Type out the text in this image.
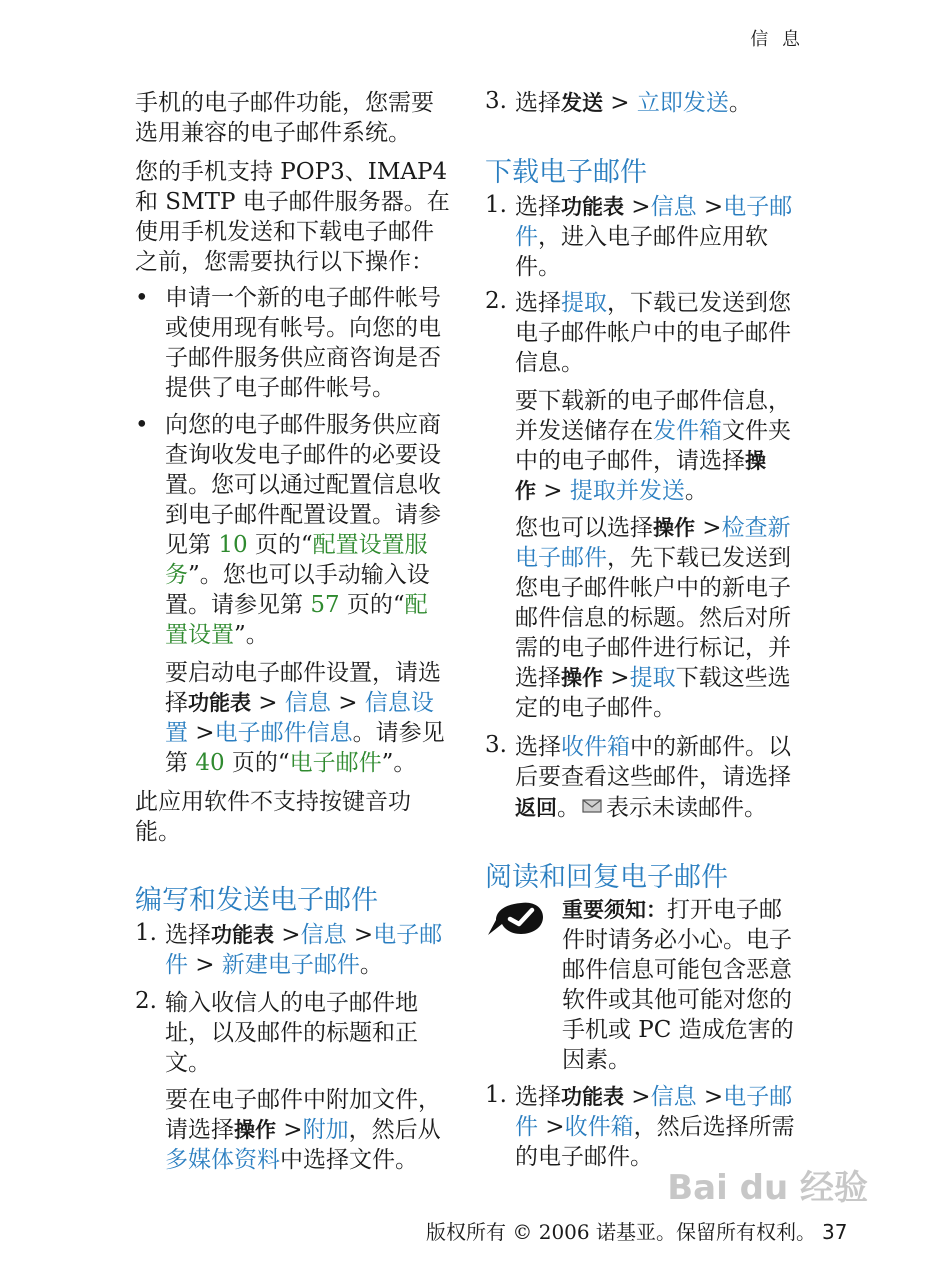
信 息
手机的电子邮件功能，您需要
选用兼容的电子邮件系统。
您的手机支持 POP3、IMAP4
和 SMTP 电子邮件服务器。在
使用手机发送和下载电子邮件
之前，您需要执行以下操作：
• 申请一个新的电子邮件帐号
或使用现有帐号。向您的电
子邮件服务供应商咨询是否
提供了电子邮件帐号。
• 向您的电子邮件服务供应商
查询收发电子邮件的必要设
置。您可以通过配置信息收
到电子邮件配置设置。请参
见第 10 页的“配置设置服
务”。您也可以手动输入设
置。请参见第 57 页的“配
置设置”。
要启动电子邮件设置，请选
择功能表 > 信息 > 信息设
置 >电子邮件信息。请参见
第 40 页的“电子邮件”。
此应用软件不支持按键音功
能。
编写和发送电子邮件
1. 选择功能表 >信息 >电子邮
件 > 新建电子邮件。
2. 输入收信人的电子邮件地
址，以及邮件的标题和正
文。
要在电子邮件中附加文件，
请选择操作 >附加，然后从
多媒体资料中选择文件。
3. 选择发送 > 立即发送。
下载电子邮件
1. 选择功能表 >信息 >电子邮
件，进入电子邮件应用软
件。
2. 选择提取，下载已发送到您
电子邮件帐户中的电子邮件
信息。
要下载新的电子邮件信息，
并发送储存在发件箱文件夹
中的电子邮件，请选择操
作 > 提取并发送。
您也可以选择操作 >检查新
电子邮件，先下载已发送到
您电子邮件帐户中的新电子
邮件信息的标题。然后对所
需的电子邮件进行标记，并
选择操作 >提取下载这些选
定的电子邮件。
3. 选择收件箱中的新邮件。以
后要查看这些邮件，请选择
返回。 表示未读邮件。
阅读和回复电子邮件
重要须知：打开电子邮
件时请务必小心。电子
邮件信息可能包含恶意
软件或其他可能对您的
手机或 PC 造成危害的
因素。
1. 选择功能表 >信息 >电子邮
件 >收件箱，然后选择所需
的电子邮件。
Bai du 经验
版权所有 © 2006 诺基亚。保留所有权利。 37
